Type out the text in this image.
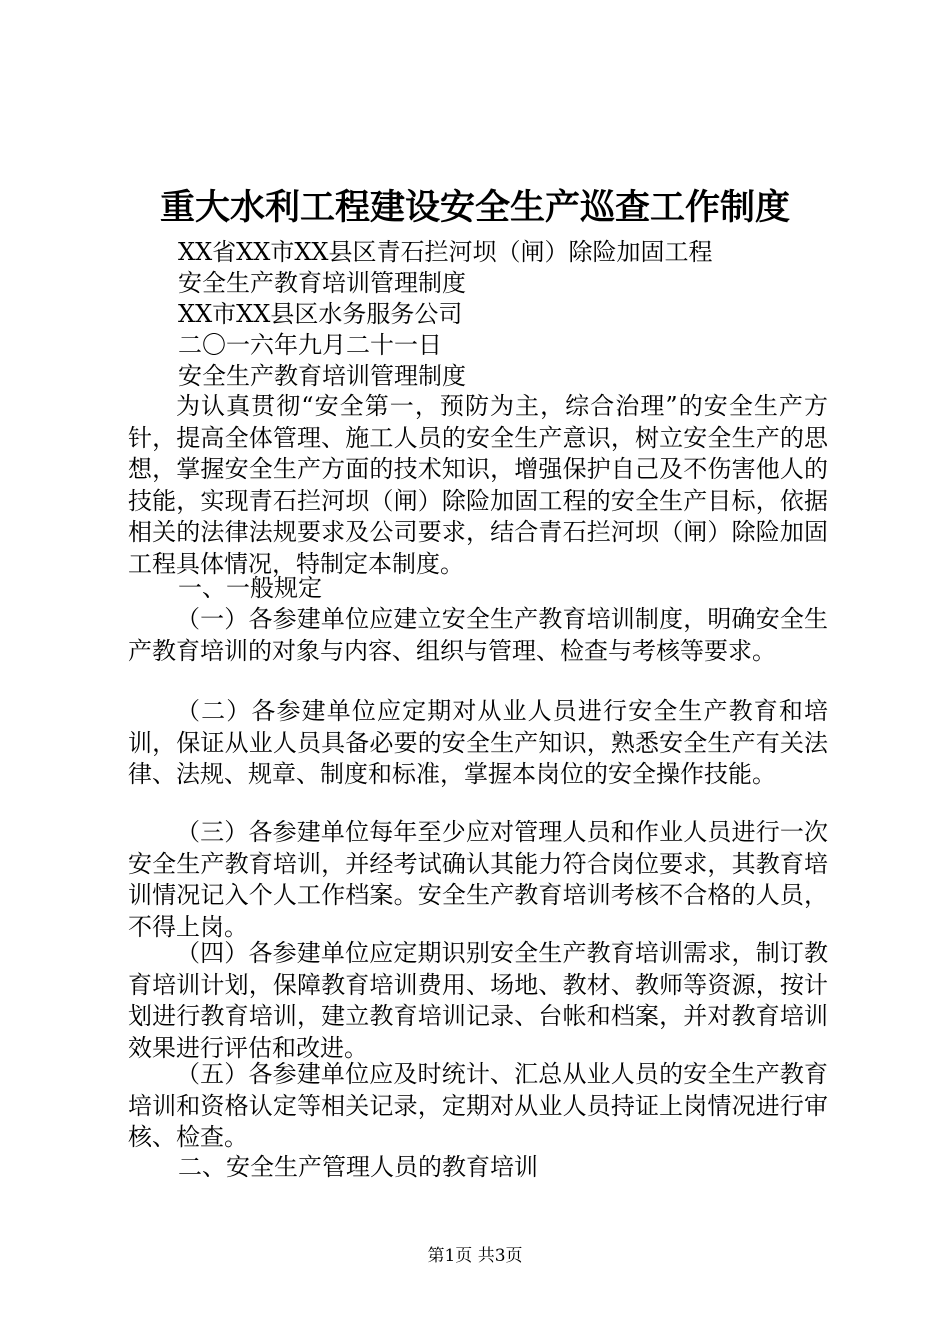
重大水利工程建设安全生产巡查工作制度

XX省XX市XX县区青石拦河坝（闸）除险加固工程

安全生产教育培训管理制度

XX市XX县区水务服务公司

二〇一六年九月二十一日

安全生产教育培训管理制度

为认真贯彻“安全第一，预防为主，综合治理”的安全生产方针，提高全体管理、施工人员的安全生产意识，树立安全生产的思想，掌握安全生产方面的技术知识，增强保护自己及不伤害他人的技能，实现青石拦河坝（闸）除险加固工程的安全生产目标，依据相关的法律法规要求及公司要求，结合青石拦河坝（闸）除险加固工程具体情况，特制定本制度。

一、一般规定

（一）各参建单位应建立安全生产教育培训制度，明确安全生产教育培训的对象与内容、组织与管理、检查与考核等要求。

（二）各参建单位应定期对从业人员进行安全生产教育和培训，保证从业人员具备必要的安全生产知识，熟悉安全生产有关法律、法规、规章、制度和标准，掌握本岗位的安全操作技能。

（三）各参建单位每年至少应对管理人员和作业人员进行一次安全生产教育培训，并经考试确认其能力符合岗位要求，其教育培训情况记入个人工作档案。安全生产教育培训考核不合格的人员，不得上岗。

（四）各参建单位应定期识别安全生产教育培训需求，制订教育培训计划，保障教育培训费用、场地、教材、教师等资源，按计划进行教育培训，建立教育培训记录、台帐和档案，并对教育培训效果进行评估和改进。

（五）各参建单位应及时统计、汇总从业人员的安全生产教育培训和资格认定等相关记录，定期对从业人员持证上岗情况进行审核、检查。

二、安全生产管理人员的教育培训

第1页 共3页
